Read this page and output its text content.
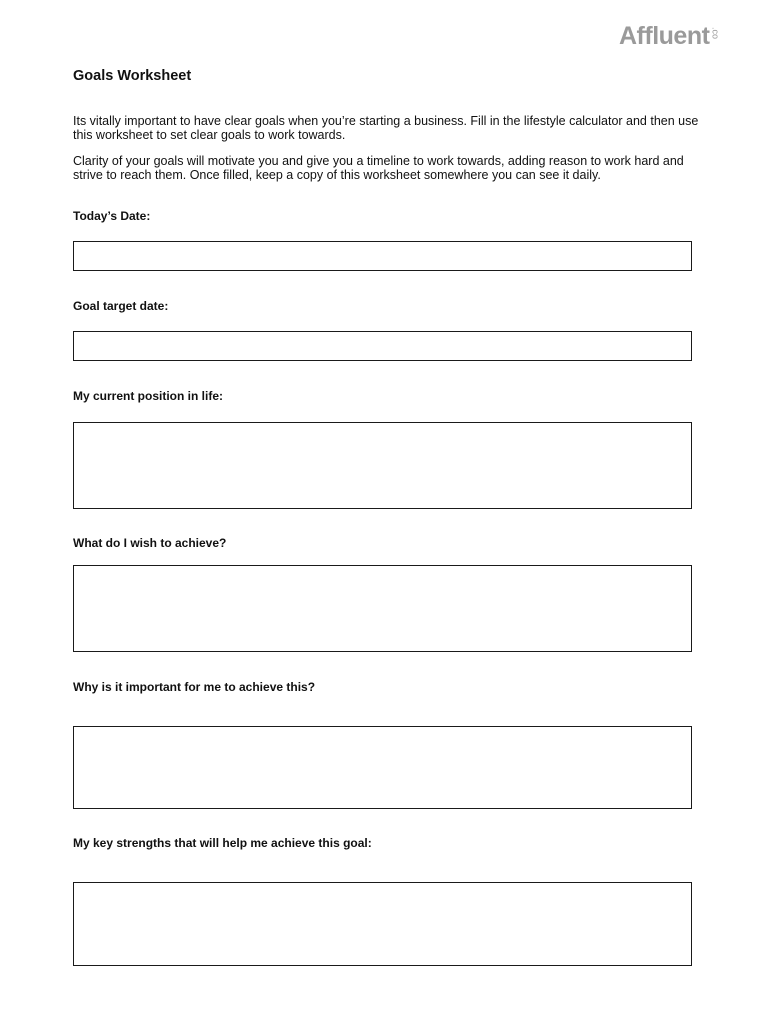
Affluent .co
Goals Worksheet

Its vitally important to have clear goals when you’re starting a business. Fill in the lifestyle calculator and then use this worksheet to set clear goals to work towards.

Clarity of your goals will motivate you and give you a timeline to work towards, adding reason to work hard and strive to reach them. Once filled, keep a copy of this worksheet somewhere you can see it daily.

Today’s Date:
Goal target date:
My current position in life:
What do I wish to achieve?
Why is it important for me to achieve this?
My key strengths that will help me achieve this goal:
